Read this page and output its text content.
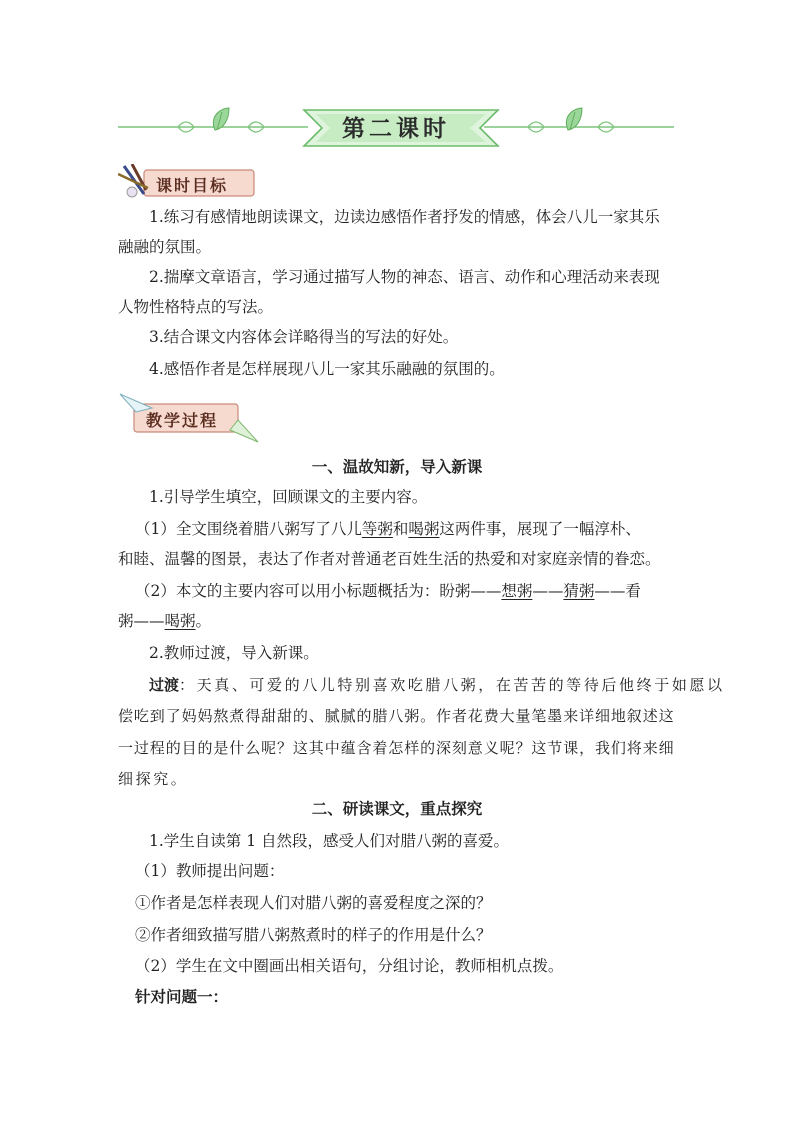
第二课时
课时目标
1.练习有感情地朗读课文，边读边感悟作者抒发的情感，体会八儿一家其乐
融融的氛围。
2.揣摩文章语言，学习通过描写人物的神态、语言、动作和心理活动来表现
人物性格特点的写法。
3.结合课文内容体会详略得当的写法的好处。
4.感悟作者是怎样展现八儿一家其乐融融的氛围的。
教学过程
一、温故知新，导入新课
1.引导学生填空，回顾课文的主要内容。
（1）全文围绕着腊八粥写了八儿等粥和喝粥这两件事，展现了一幅淳朴、
和睦、温馨的图景，表达了作者对普通老百姓生活的热爱和对家庭亲情的眷恋。
（2）本文的主要内容可以用小标题概括为：盼粥——想粥——猜粥——看
粥——喝粥。
2.教师过渡，导入新课。
过渡：天真、可爱的八儿特别喜欢吃腊八粥，在苦苦的等待后他终于如愿以
偿吃到了妈妈熬煮得甜甜的、腻腻的腊八粥。作者花费大量笔墨来详细地叙述这
一过程的目的是什么呢？这其中蕴含着怎样的深刻意义呢？这节课，我们将来细
细探究。
二、研读课文，重点探究
1.学生自读第 1 自然段，感受人们对腊八粥的喜爱。
（1）教师提出问题：
①作者是怎样表现人们对腊八粥的喜爱程度之深的？
②作者细致描写腊八粥熬煮时的样子的作用是什么？
（2）学生在文中圈画出相关语句，分组讨论，教师相机点拨。
针对问题一：
